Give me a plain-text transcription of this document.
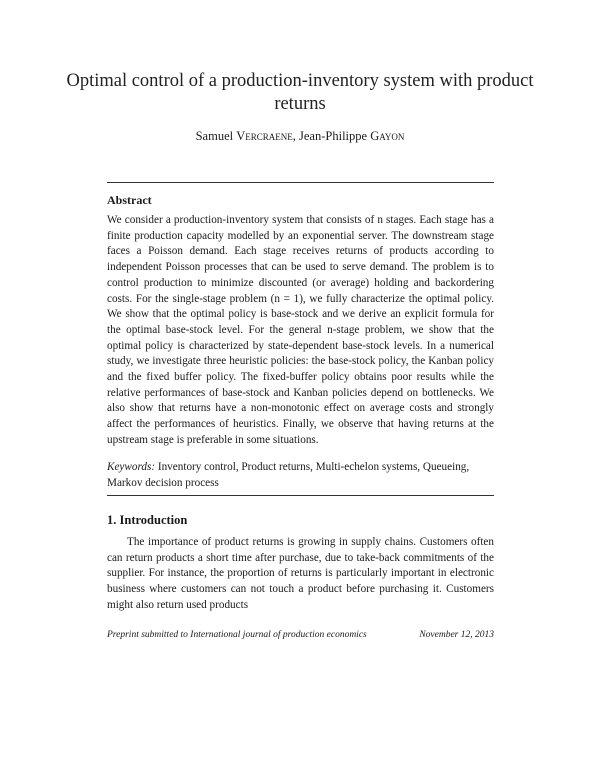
Optimal control of a production-inventory system with product returns
Samuel Vercraene, Jean-Philippe Gayon
Abstract

We consider a production-inventory system that consists of n stages. Each stage has a finite production capacity modelled by an exponential server. The downstream stage faces a Poisson demand. Each stage receives returns of products according to independent Poisson processes that can be used to serve demand. The problem is to control production to minimize discounted (or average) holding and backordering costs. For the single-stage problem (n = 1), we fully characterize the optimal policy. We show that the optimal policy is base-stock and we derive an explicit formula for the optimal base-stock level. For the general n-stage problem, we show that the optimal policy is characterized by state-dependent base-stock levels. In a numerical study, we investigate three heuristic policies: the base-stock policy, the Kanban policy and the fixed buffer policy. The fixed-buffer policy obtains poor results while the relative performances of base-stock and Kanban policies depend on bottlenecks. We also show that returns have a non-monotonic effect on average costs and strongly affect the performances of heuristics. Finally, we observe that having returns at the upstream stage is preferable in some situations.

Keywords: Inventory control, Product returns, Multi-echelon systems, Queueing, Markov decision process

1. Introduction

The importance of product returns is growing in supply chains. Customers often can return products a short time after purchase, due to take-back commitments of the supplier. For instance, the proportion of returns is particularly important in electronic business where customers can not touch a product before purchasing it. Customers might also return used products

Preprint submitted to International journal of production economics	November 12, 2013
